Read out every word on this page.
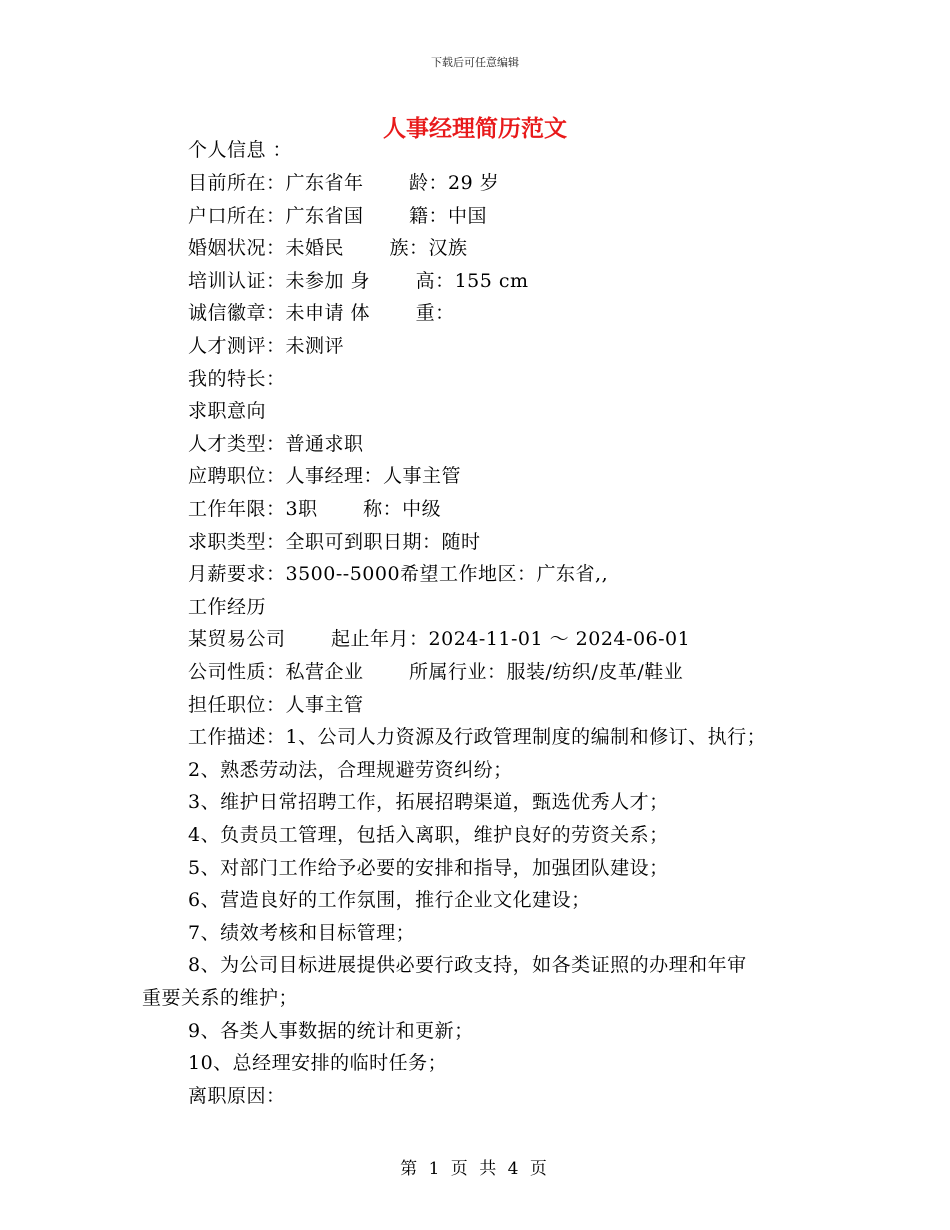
下载后可任意编辑
人事经理简历范文
个人信息 ：
目前所在：广东省年　　 龄：29 岁
户口所在：广东省国　　 籍：中国
婚姻状况：未婚民　　 族：汉族
培训认证：未参加 身　　 高：155 cm
诚信徽章：未申请 体　　 重：
人才测评：未测评
我的特长：
求职意向
人才类型：普通求职
应聘职位：人事经理：人事主管
工作年限：3职　　 称：中级
求职类型：全职可到职日期：随时
月薪要求：3500--5000希望工作地区：广东省,,
工作经历
某贸易公司　　 起止年月：2024-11-01 ～ 2024-06-01
公司性质：私营企业　　 所属行业：服装/纺织/皮革/鞋业
担任职位：人事主管
工作描述：1、公司人力资源及行政管理制度的编制和修订、执行；
2、熟悉劳动法，合理规避劳资纠纷；
3、维护日常招聘工作，拓展招聘渠道，甄选优秀人才；
4、负责员工管理，包括入离职，维护良好的劳资关系；
5、对部门工作给予必要的安排和指导，加强团队建设；
6、营造良好的工作氛围，推行企业文化建设；
7、绩效考核和目标管理；
8、为公司目标进展提供必要行政支持，如各类证照的办理和年审
重要关系的维护；
9、各类人事数据的统计和更新；
10、总经理安排的临时任务；
离职原因：
第 1 页 共 4 页
